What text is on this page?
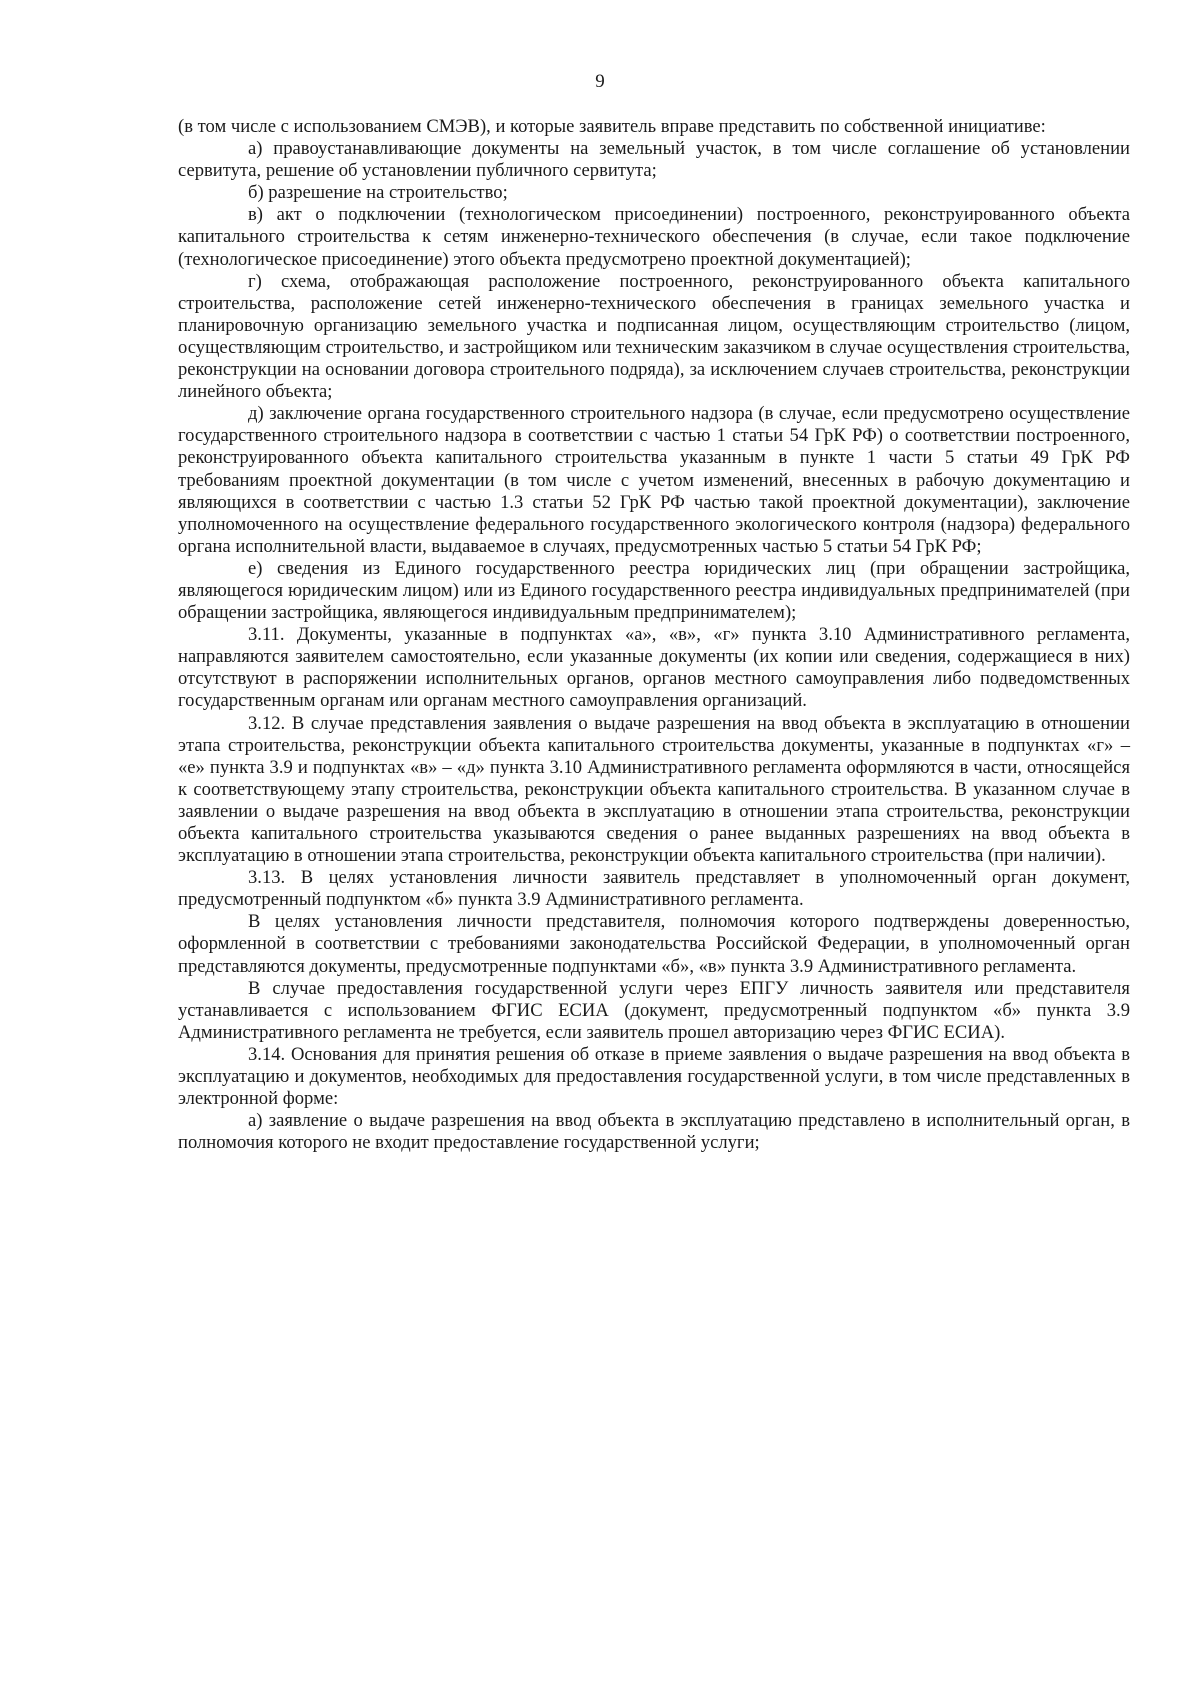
9

(в том числе с использованием СМЭВ), и которые заявитель вправе представить по собственной инициативе:

а) правоустанавливающие документы на земельный участок, в том числе соглашение об установлении сервитута, решение об установлении публичного сервитута;

б) разрешение на строительство;

в) акт о подключении (технологическом присоединении) построенного, реконструированного объекта капитального строительства к сетям инженерно-технического обеспечения (в случае, если такое подключение (технологическое присоединение) этого объекта предусмотрено проектной документацией);

г) схема, отображающая расположение построенного, реконструированного объекта капитального строительства, расположение сетей инженерно-технического обеспечения в границах земельного участка и планировочную организацию земельного участка и подписанная лицом, осуществляющим строительство (лицом, осуществляющим строительство, и застройщиком или техническим заказчиком в случае осуществления строительства, реконструкции на основании договора строительного подряда), за исключением случаев строительства, реконструкции линейного объекта;

д) заключение органа государственного строительного надзора (в случае, если предусмотрено осуществление государственного строительного надзора в соответствии с частью 1 статьи 54 ГрК РФ) о соответствии построенного, реконструированного объекта капитального строительства указанным в пункте 1 части 5 статьи 49 ГрК РФ требованиям проектной документации (в том числе с учетом изменений, внесенных в рабочую документацию и являющихся в соответствии с частью 1.3 статьи 52 ГрК РФ частью такой проектной документации), заключение уполномоченного на осуществление федерального государственного экологического контроля (надзора) федерального органа исполнительной власти, выдаваемое в случаях, предусмотренных частью 5 статьи 54 ГрК РФ;

е) сведения из Единого государственного реестра юридических лиц (при обращении застройщика, являющегося юридическим лицом) или из Единого государственного реестра индивидуальных предпринимателей (при обращении застройщика, являющегося индивидуальным предпринимателем);

3.11. Документы, указанные в подпунктах «а», «в», «г» пункта 3.10 Административного регламента, направляются заявителем самостоятельно, если указанные документы (их копии или сведения, содержащиеся в них) отсутствуют в распоряжении исполнительных органов, органов местного самоуправления либо подведомственных государственным органам или органам местного самоуправления организаций.

3.12. В случае представления заявления о выдаче разрешения на ввод объекта в эксплуатацию в отношении этапа строительства, реконструкции объекта капитального строительства документы, указанные в подпунктах «г» – «е» пункта 3.9 и подпунктах «в» – «д» пункта 3.10 Административного регламента оформляются в части, относящейся к соответствующему этапу строительства, реконструкции объекта капитального строительства. В указанном случае в заявлении о выдаче разрешения на ввод объекта в эксплуатацию в отношении этапа строительства, реконструкции объекта капитального строительства указываются сведения о ранее выданных разрешениях на ввод объекта в эксплуатацию в отношении этапа строительства, реконструкции объекта капитального строительства (при наличии).

3.13. В целях установления личности заявитель представляет в уполномоченный орган документ, предусмотренный подпунктом «б» пункта 3.9 Административного регламента.

В целях установления личности представителя, полномочия которого подтверждены доверенностью, оформленной в соответствии с требованиями законодательства Российской Федерации, в уполномоченный орган представляются документы, предусмотренные подпунктами «б», «в» пункта 3.9 Административного регламента.

В случае предоставления государственной услуги через ЕПГУ личность заявителя или представителя устанавливается с использованием ФГИС ЕСИА (документ, предусмотренный подпунктом «б» пункта 3.9 Административного регламента не требуется, если заявитель прошел авторизацию через ФГИС ЕСИА).

3.14. Основания для принятия решения об отказе в приеме заявления о выдаче разрешения на ввод объекта в эксплуатацию и документов, необходимых для предоставления государственной услуги, в том числе представленных в электронной форме:

а) заявление о выдаче разрешения на ввод объекта в эксплуатацию представлено в исполнительный орган, в полномочия которого не входит предоставление государственной услуги;
